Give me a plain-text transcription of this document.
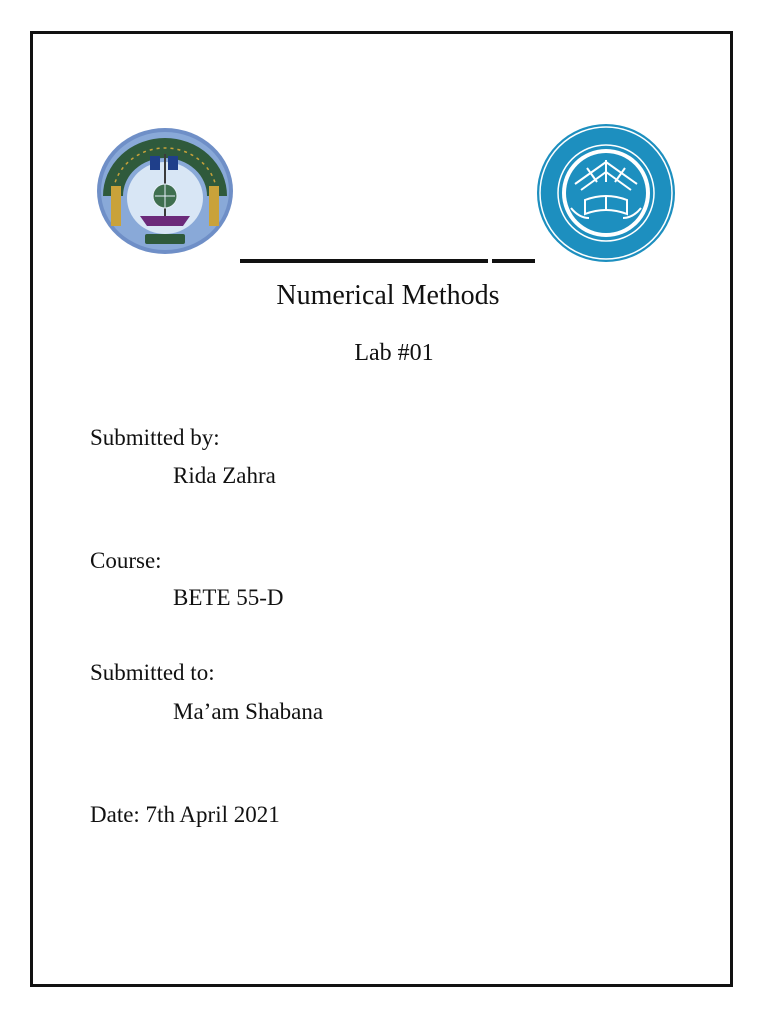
Numerical Methods
Lab #01
Submitted by:
Rida Zahra
Course:
BETE 55-D
Submitted to:
Ma’am Shabana
Date: 7th April 2021
